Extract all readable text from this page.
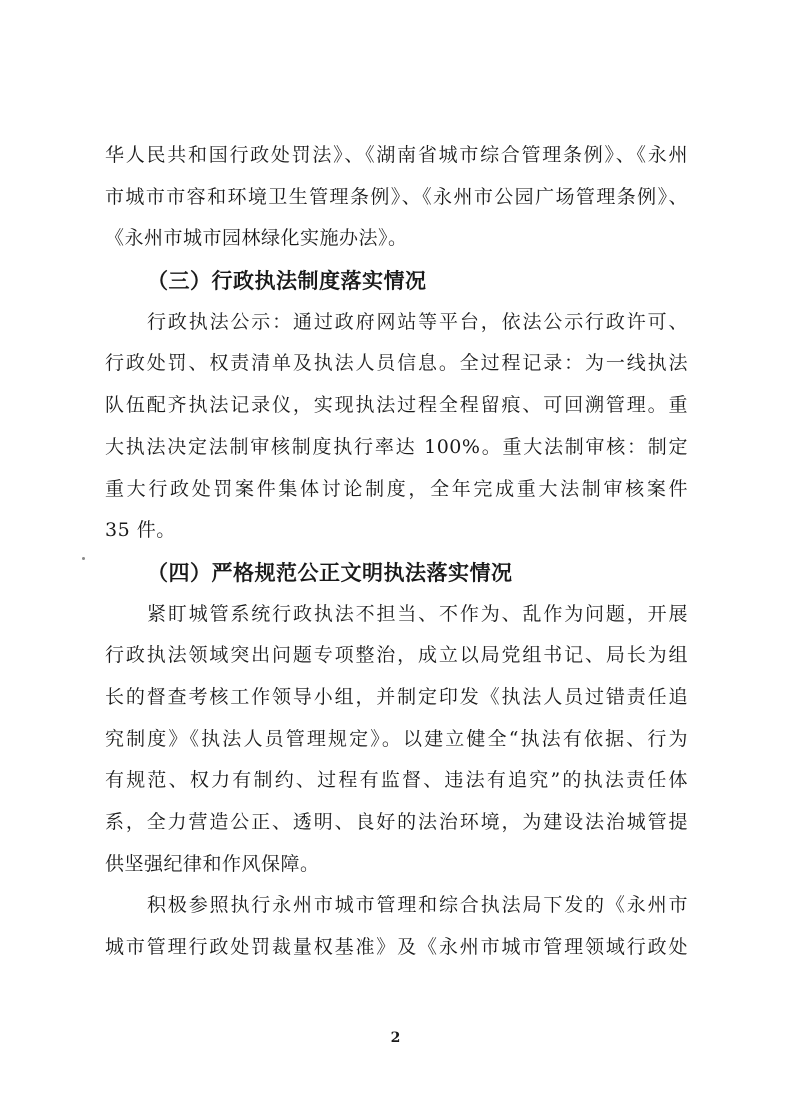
华人民共和国行政处罚法》、《湖南省城市综合管理条例》、《永州
市城市市容和环境卫生管理条例》、《永州市公园广场管理条例》、
《永州市城市园林绿化实施办法》。
（三）行政执法制度落实情况
行政执法公示：通过政府网站等平台，依法公示行政许可、
行政处罚、权责清单及执法人员信息。全过程记录：为一线执法
队伍配齐执法记录仪，实现执法过程全程留痕、可回溯管理。重
大执法决定法制审核制度执行率达 100%。重大法制审核：制定
重大行政处罚案件集体讨论制度，全年完成重大法制审核案件
35 件。
（四）严格规范公正文明执法落实情况
紧盯城管系统行政执法不担当、不作为、乱作为问题，开展
行政执法领域突出问题专项整治，成立以局党组书记、局长为组
长的督查考核工作领导小组，并制定印发《执法人员过错责任追
究制度》《执法人员管理规定》。以建立健全“执法有依据、行为
有规范、权力有制约、过程有监督、违法有追究”的执法责任体
系，全力营造公正、透明、良好的法治环境，为建设法治城管提
供坚强纪律和作风保障。
积极参照执行永州市城市管理和综合执法局下发的《永州市
城市管理行政处罚裁量权基准》及《永州市城市管理领域行政处
2
